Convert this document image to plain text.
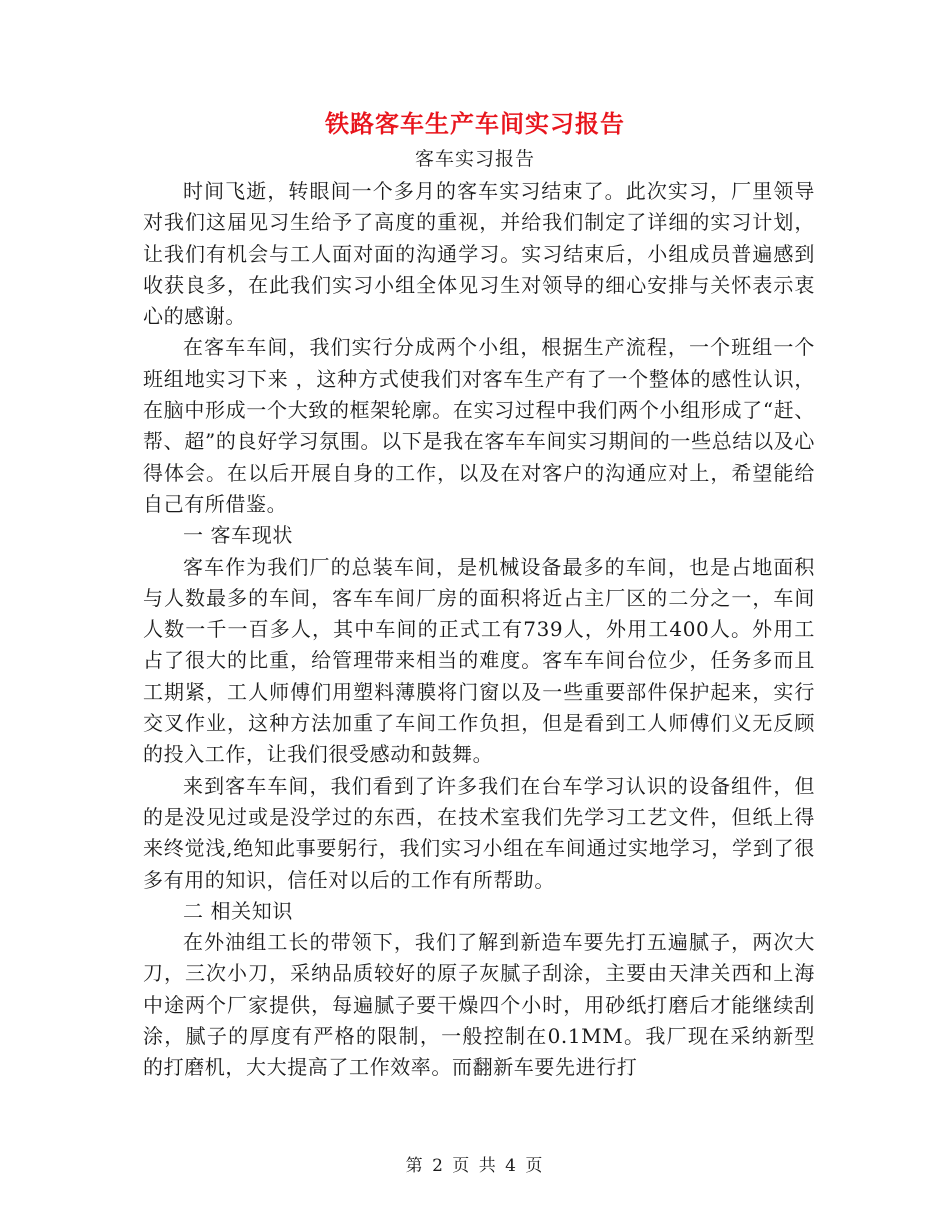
铁路客车生产车间实习报告
客车实习报告

时间飞逝，转眼间一个多月的客车实习结束了。此次实习，厂里领导对我们这届见习生给予了高度的重视，并给我们制定了详细的实习计划，让我们有机会与工人面对面的沟通学习。实习结束后，小组成员普遍感到收获良多，在此我们实习小组全体见习生对领导的细心安排与关怀表示衷心的感谢。

在客车车间，我们实行分成两个小组，根据生产流程，一个班组一个班组地实习下来 ，这种方式使我们对客车生产有了一个整体的感性认识，在脑中形成一个大致的框架轮廓。在实习过程中我们两个小组形成了“赶、帮、超”的良好学习氛围。以下是我在客车车间实习期间的一些总结以及心得体会。在以后开展自身的工作，以及在对客户的沟通应对上，希望能给自己有所借鉴。

一 客车现状

客车作为我们厂的总装车间，是机械设备最多的车间，也是占地面积与人数最多的车间，客车车间厂房的面积将近占主厂区的二分之一，车间人数一千一百多人，其中车间的正式工有739人，外用工400人。外用工占了很大的比重，给管理带来相当的难度。客车车间台位少，任务多而且工期紧，工人师傅们用塑料薄膜将门窗以及一些重要部件保护起来，实行交叉作业，这种方法加重了车间工作负担，但是看到工人师傅们义无反顾的投入工作，让我们很受感动和鼓舞。

来到客车车间，我们看到了许多我们在台车学习认识的设备组件，但的是没见过或是没学过的东西，在技术室我们先学习工艺文件，但纸上得来终觉浅,绝知此事要躬行，我们实习小组在车间通过实地学习，学到了很多有用的知识，信任对以后的工作有所帮助。

二 相关知识

在外油组工长的带领下，我们了解到新造车要先打五遍腻子，两次大刀，三次小刀，采纳品质较好的原子灰腻子刮涂，主要由天津关西和上海中途两个厂家提供，每遍腻子要干燥四个小时，用砂纸打磨后才能继续刮涂，腻子的厚度有严格的限制，一般控制在0.1MM。我厂现在采纳新型的打磨机，大大提高了工作效率。而翻新车要先进行打

第 2 页 共 4 页
